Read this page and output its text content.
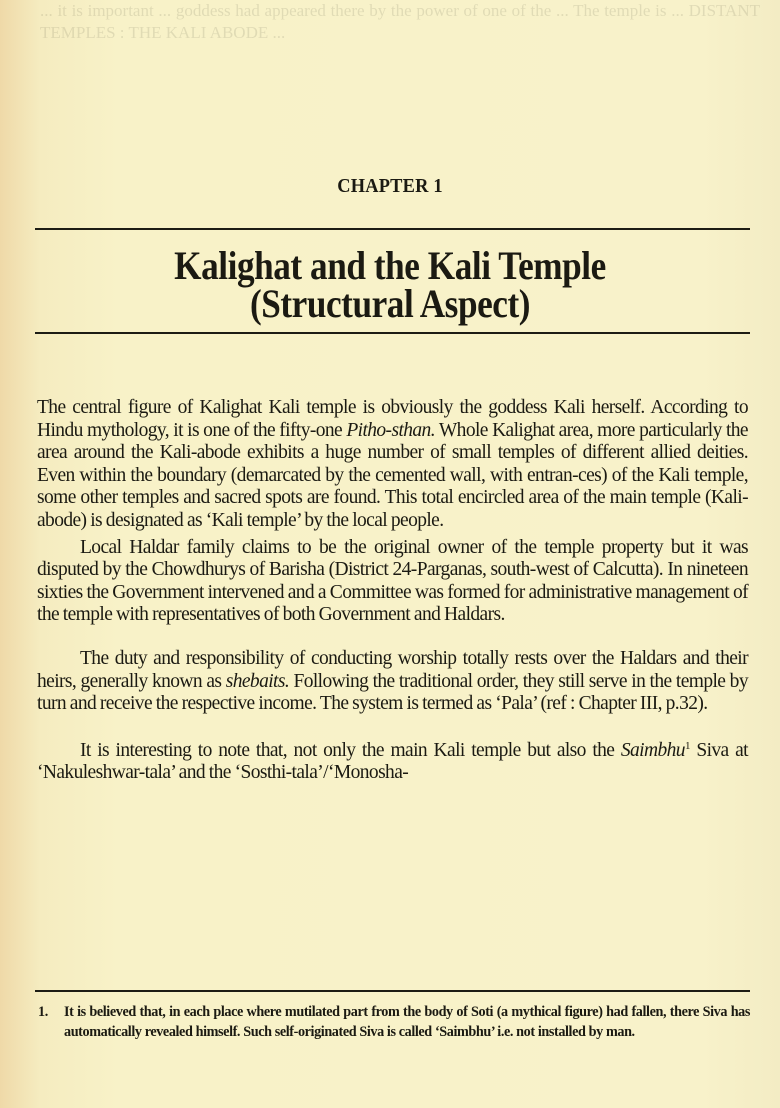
... it is important ... goddess had appeared there by the power of one of the ... The temple is ... DISTANT TEMPLES : THE KALI ABODE ...
CHAPTER 1
Kalighat and the Kali Temple
(Structural Aspect)

The central figure of Kalighat Kali temple is obviously the goddess Kali herself. According to Hindu mythology, it is one of the fifty-one Pitho-sthan. Whole Kalighat area, more particularly the area around the Kali-abode exhibits a huge number of small temples of different allied deities. Even within the boundary (demarcated by the cemented wall, with entran-ces) of the Kali temple, some other temples and sacred spots are found. This total encircled area of the main temple (Kali-abode) is designated as ‘Kali temple’ by the local people.

Local Haldar family claims to be the original owner of the temple property but it was disputed by the Chowdhurys of Barisha (District 24-Parganas, south-west of Calcutta). In nineteen sixties the Government intervened and a Committee was formed for administrative management of the temple with representatives of both Government and Haldars.

The duty and responsibility of conducting worship totally rests over the Haldars and their heirs, generally known as shebaits. Following the traditional order, they still serve in the temple by turn and receive the respective income. The system is termed as ‘Pala’ (ref : Chapter III, p.32).

It is interesting to note that, not only the main Kali temple but also the Saimbhu$^1$ Siva at ‘Nakuleshwar-tala’ and the ‘Sosthi-tala’/‘Monosha-

1. It is believed that, in each place where mutilated part from the body of Soti (a mythical figure) had fallen, there Siva has automatically revealed himself. Such self-originated Siva is called ‘Saimbhu’ i.e. not installed by man.
